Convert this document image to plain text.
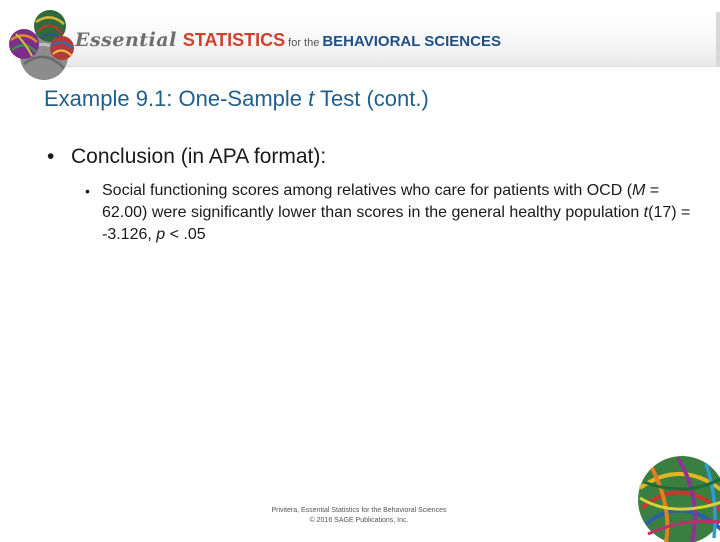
Essential STATISTICS for the BEHAVIORAL SCIENCES
Example 9.1: One-Sample t Test (cont.)
• Conclusion (in APA format):
• Social functioning scores among relatives who care for patients with OCD (M = 62.00) were significantly lower than scores in the general healthy population t(17) = -3.126, p < .05
Privitera, Essential Statistics for the Behavioral Sciences
© 2016 SAGE Publications, Inc.
